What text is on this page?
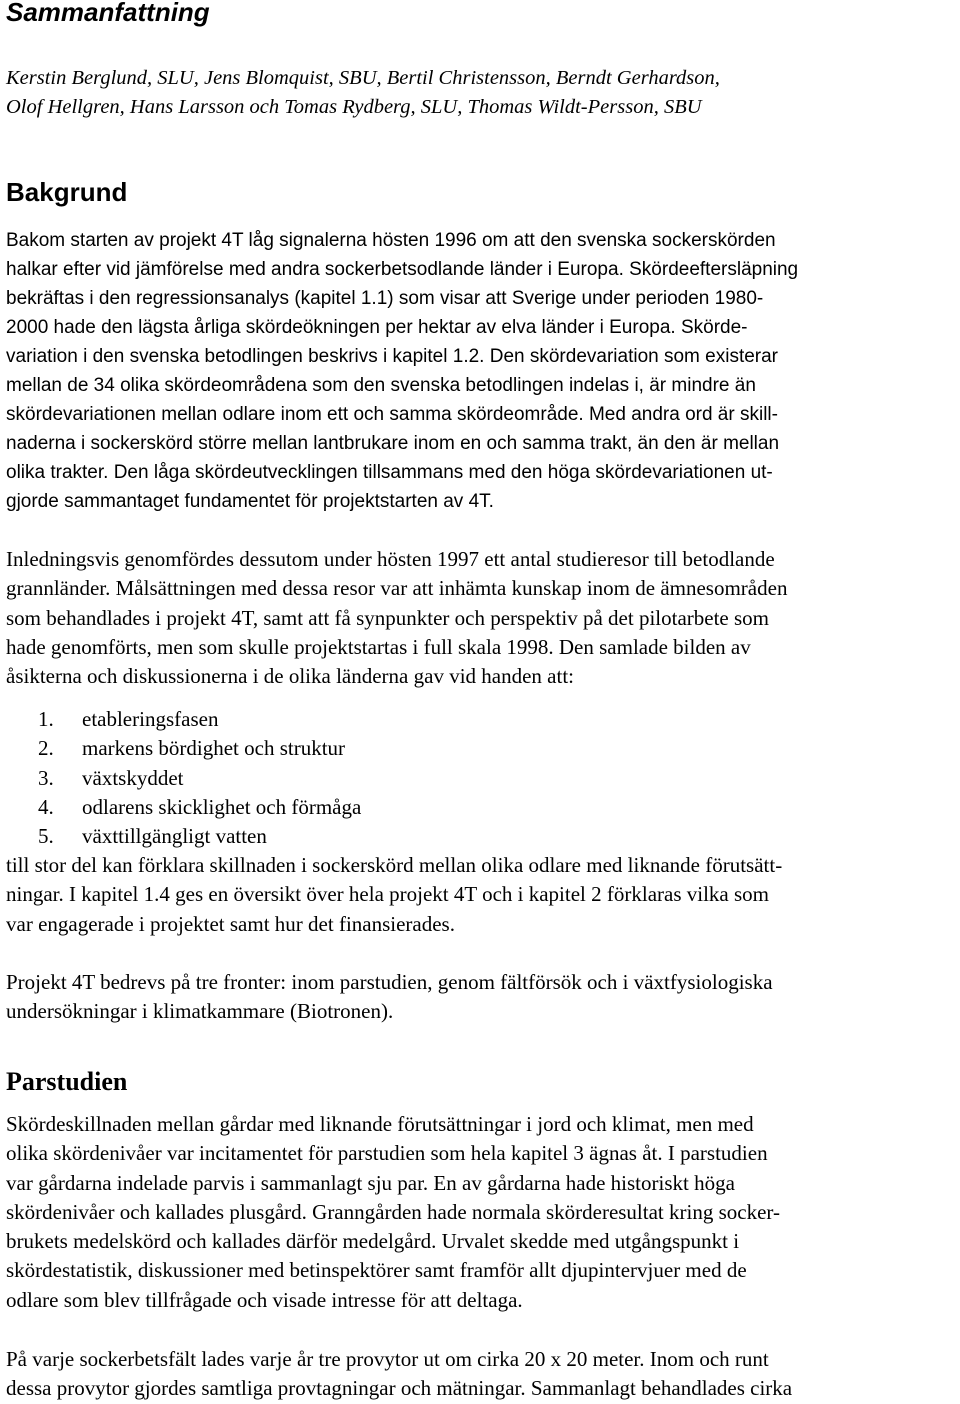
Sammanfattning

Kerstin Berglund, SLU, Jens Blomquist, SBU, Bertil Christensson, Berndt Gerhardson,
Olof Hellgren, Hans Larsson och Tomas Rydberg, SLU, Thomas Wildt-Persson, SBU

Bakgrund

Bakom starten av projekt 4T låg signalerna hösten 1996 om att den svenska sockerskörden
halkar efter vid jämförelse med andra sockerbetsodlande länder i Europa. Skördeeftersläpning
bekräftas i den regressionsanalys (kapitel 1.1) som visar att Sverige under perioden 1980-
2000 hade den lägsta årliga skördeökningen per hektar av elva länder i Europa. Skörde-
variation i den svenska betodlingen beskrivs i kapitel 1.2. Den skördevariation som existerar
mellan de 34 olika skördeområdena som den svenska betodlingen indelas i, är mindre än
skördevariationen mellan odlare inom ett och samma skördeområde. Med andra ord är skill-
naderna i sockerskörd större mellan lantbrukare inom en och samma trakt, än den är mellan
olika trakter. Den låga skördeutvecklingen tillsammans med den höga skördevariationen ut-
gjorde sammantaget fundamentet för projektstarten av 4T.

Inledningsvis genomfördes dessutom under hösten 1997 ett antal studieresor till betodlande
grannländer. Målsättningen med dessa resor var att inhämta kunskap inom de ämnesområden
som behandlades i projekt 4T, samt att få synpunkter och perspektiv på det pilotarbete som
hade genomförts, men som skulle projektstartas i full skala 1998. Den samlade bilden av
åsikterna och diskussionerna i de olika länderna gav vid handen att:

1. etableringsfasen
2. markens bördighet och struktur
3. växtskyddet
4. odlarens skicklighet och förmåga
5. växttillgängligt vatten

till stor del kan förklara skillnaden i sockerskörd mellan olika odlare med liknande förutsätt-
ningar. I kapitel 1.4 ges en översikt över hela projekt 4T och i kapitel 2 förklaras vilka som
var engagerade i projektet samt hur det finansierades.

Projekt 4T bedrevs på tre fronter: inom parstudien, genom fältförsök och i växtfysiologiska
undersökningar i klimatkammare (Biotronen).

Parstudien

Skördeskillnaden mellan gårdar med liknande förutsättningar i jord och klimat, men med
olika skördenivåer var incitamentet för parstudien som hela kapitel 3 ägnas åt. I parstudien
var gårdarna indelade parvis i sammanlagt sju par. En av gårdarna hade historiskt höga
skördenivåer och kallades plusgård. Granngården hade normala skörderesultat kring socker-
brukets medelskörd och kallades därför medelgård. Urvalet skedde med utgångspunkt i
skördestatistik, diskussioner med betinspektörer samt framför allt djupintervjuer med de
odlare som blev tillfrågade och visade intresse för att deltaga.

På varje sockerbetsfält lades varje år tre provytor ut om cirka 20 x 20 meter. Inom och runt
dessa provytor gjordes samtliga provtagningar och mätningar. Sammanlagt behandlades cirka
